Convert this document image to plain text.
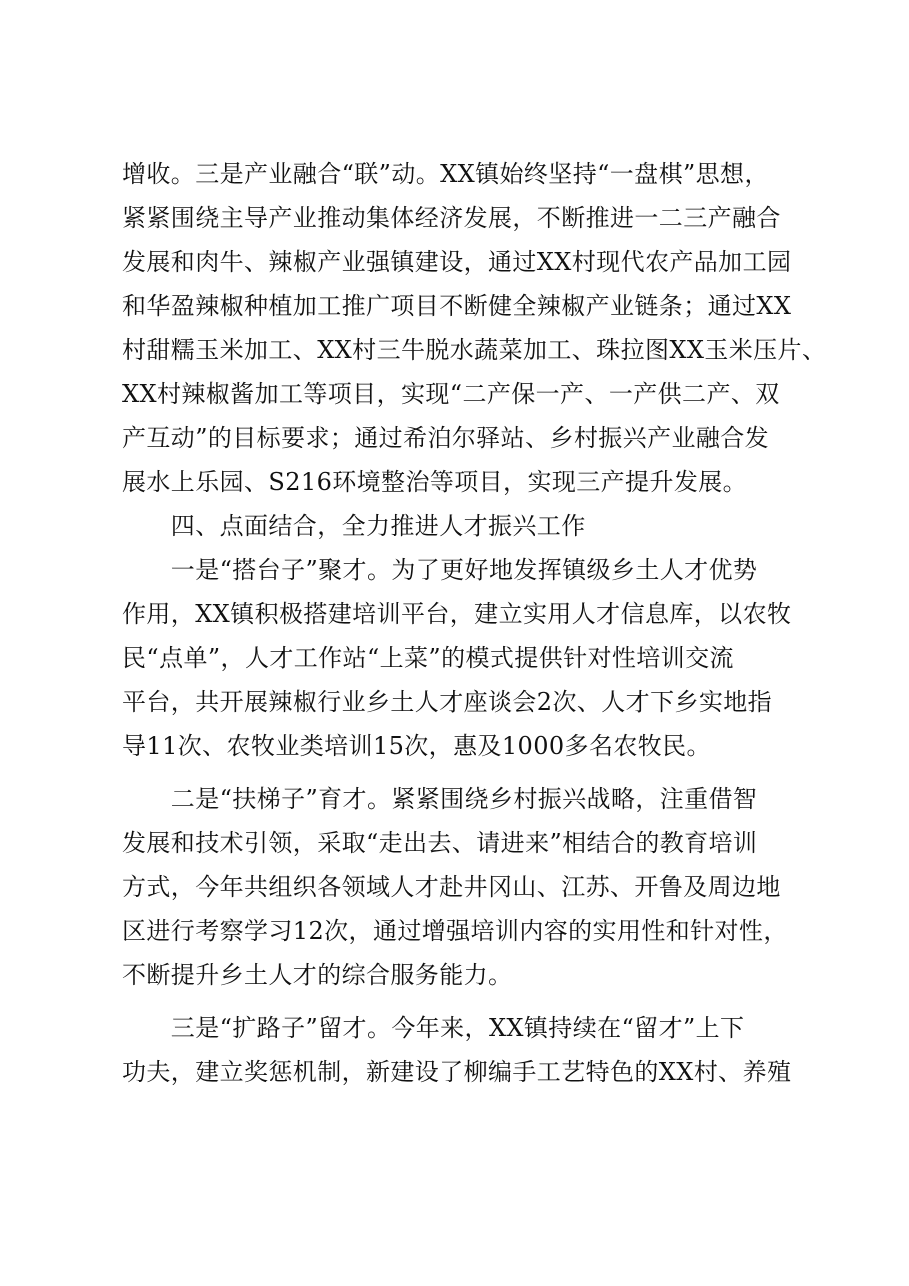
增收。三是产业融合“联”动。XX镇始终坚持“一盘棋”思想，
紧紧围绕主导产业推动集体经济发展，不断推进一二三产融合
发展和肉牛、辣椒产业强镇建设，通过XX村现代农产品加工园
和华盈辣椒种植加工推广项目不断健全辣椒产业链条；通过XX
村甜糯玉米加工、XX村三牛脱水蔬菜加工、珠拉图XX玉米压片、
XX村辣椒酱加工等项目，实现“二产保一产、一产供二产、双
产互动”的目标要求；通过希泊尔驿站、乡村振兴产业融合发
展水上乐园、S216环境整治等项目，实现三产提升发展。
　　四、点面结合，全力推进人才振兴工作
　　一是“搭台子”聚才。为了更好地发挥镇级乡土人才优势
作用，XX镇积极搭建培训平台，建立实用人才信息库，以农牧
民“点单”，人才工作站“上菜”的模式提供针对性培训交流
平台，共开展辣椒行业乡土人才座谈会2次、人才下乡实地指
导11次、农牧业类培训15次，惠及1000多名农牧民。
　　二是“扶梯子”育才。紧紧围绕乡村振兴战略，注重借智
发展和技术引领，采取“走出去、请进来”相结合的教育培训
方式，今年共组织各领域人才赴井冈山、江苏、开鲁及周边地
区进行考察学习12次，通过增强培训内容的实用性和针对性，
不断提升乡土人才的综合服务能力。
　　三是“扩路子”留才。今年来，XX镇持续在“留才”上下
功夫，建立奖惩机制，新建设了柳编手工艺特色的XX村、养殖
